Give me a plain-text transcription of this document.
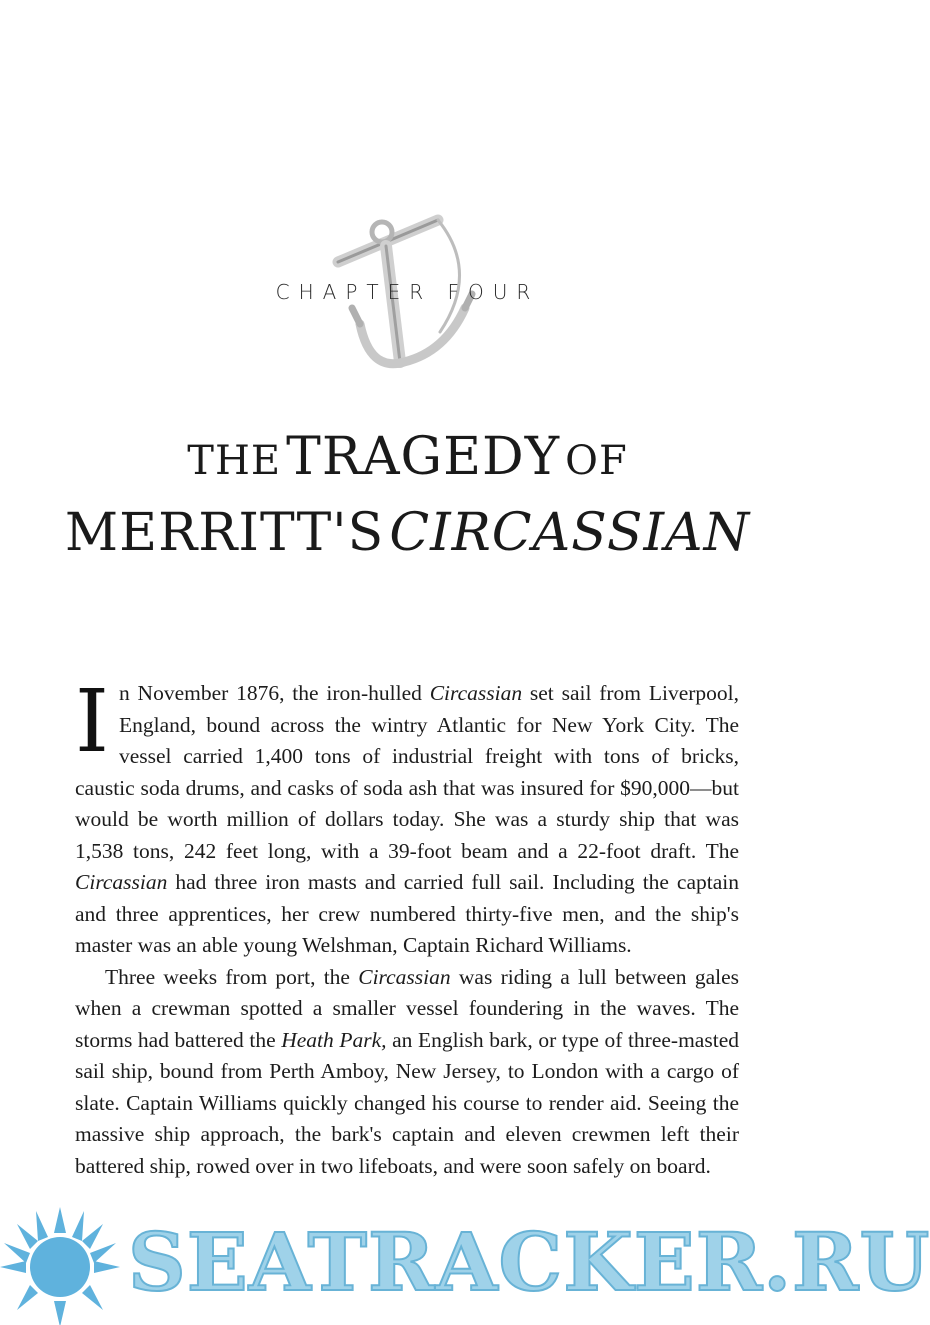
CHAPTER FOUR
THE TRAGEDY OF
MERRITT'S CIRCASSIAN

In November 1876, the iron-hulled Circassian set sail from Liverpool, England, bound across the wintry Atlantic for New York City. The vessel carried 1,400 tons of industrial freight with tons of bricks, caustic soda drums, and casks of soda ash that was insured for $90,000—but would be worth million of dollars today. She was a sturdy ship that was 1,538 tons, 242 feet long, with a 39-foot beam and a 22-foot draft. The Circassian had three iron masts and carried full sail. Including the captain and three apprentices, her crew numbered thirty-five men, and the ship's master was an able young Welshman, Captain Richard Williams.

Three weeks from port, the Circassian was riding a lull between gales when a crewman spotted a smaller vessel foundering in the waves. The storms had battered the Heath Park, an English bark, or type of three-masted sail ship, bound from Perth Amboy, New Jersey, to London with a cargo of slate. Captain Williams quickly changed his course to render aid. Seeing the massive ship approach, the bark's captain and eleven crewmen left their battered ship, rowed over in two lifeboats, and were soon safely on board.

SEATRACKER.RU
